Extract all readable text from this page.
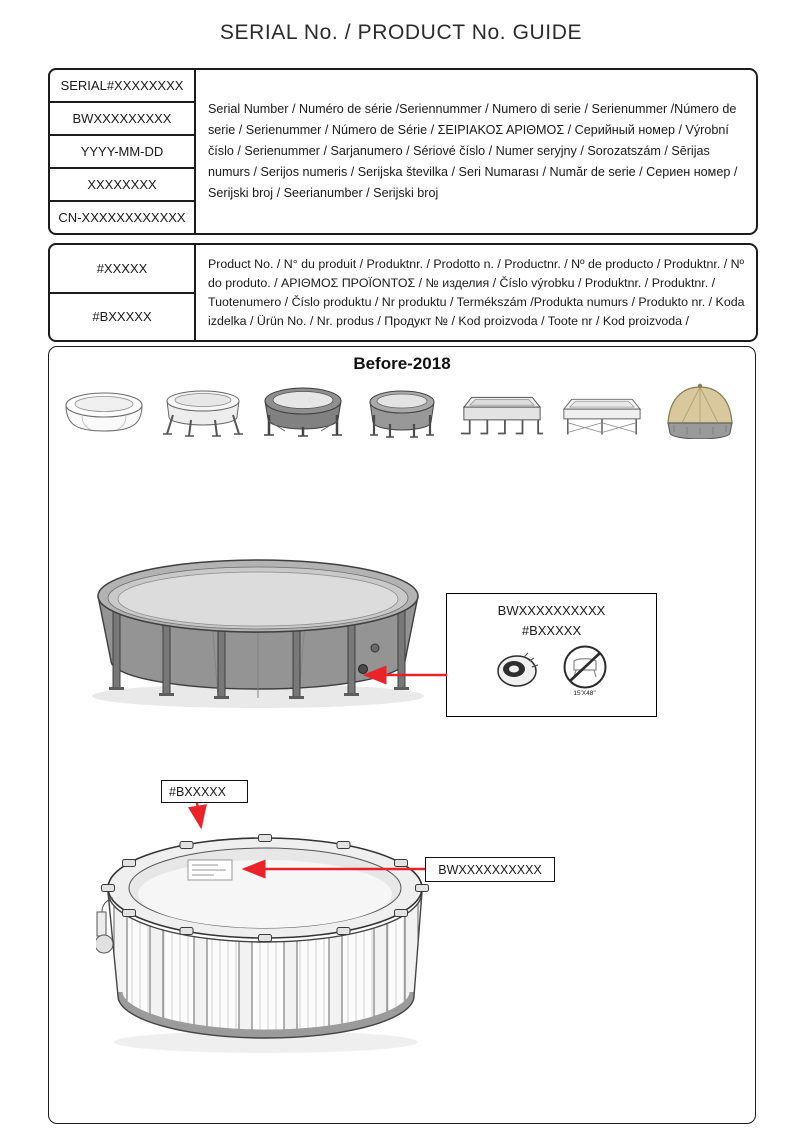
SERIAL No. / PRODUCT No. GUIDE
SERIAL#XXXXXXXX
BWXXXXXXXXX
YYYY-MM-DD
XXXXXXXX
CN-XXXXXXXXXXXX
Serial Number / Numéro de série /Seriennummer / Numero di serie / Serienummer /Número de serie / Serienummer / Número de Série / ΣΕΙΡΙΑΚΟΣ ΑΡΙΘΜΟΣ / Серийный номер / Výrobní číslo / Serienummer / Sarjanumero / Sériové číslo / Numer seryjny / Sorozatszám / Sērijas numurs / Serijos numeris / Serijska številka / Seri Numarası / Număr de serie / Сериен номер / Serijski broj / Seerianumber / Serijski broj
#XXXXX
#BXXXXX
Product No. / N° du produit / Produktnr. / Prodotto n. / Productnr. / Nº de producto / Produktnr. / Nº do produto. / ΑΡΙΘΜΟΣ ΠΡΟΪΟΝΤΟΣ / № изделия / Číslo výrobku / Produktnr. / Produktnr. / Tuotenumero / Číslo produktu / Nr produktu / Termékszám /Produkta numurs / Produkto nr. / Koda izdelka / Ürün No. / Nr. produs / Продукт № / Kod proizvoda / Toote nr / Kod proizvoda /
Before-2018
BWXXXXXXXXXX
#BXXXXX
15'X48"
#BXXXXX
BWXXXXXXXXXX
